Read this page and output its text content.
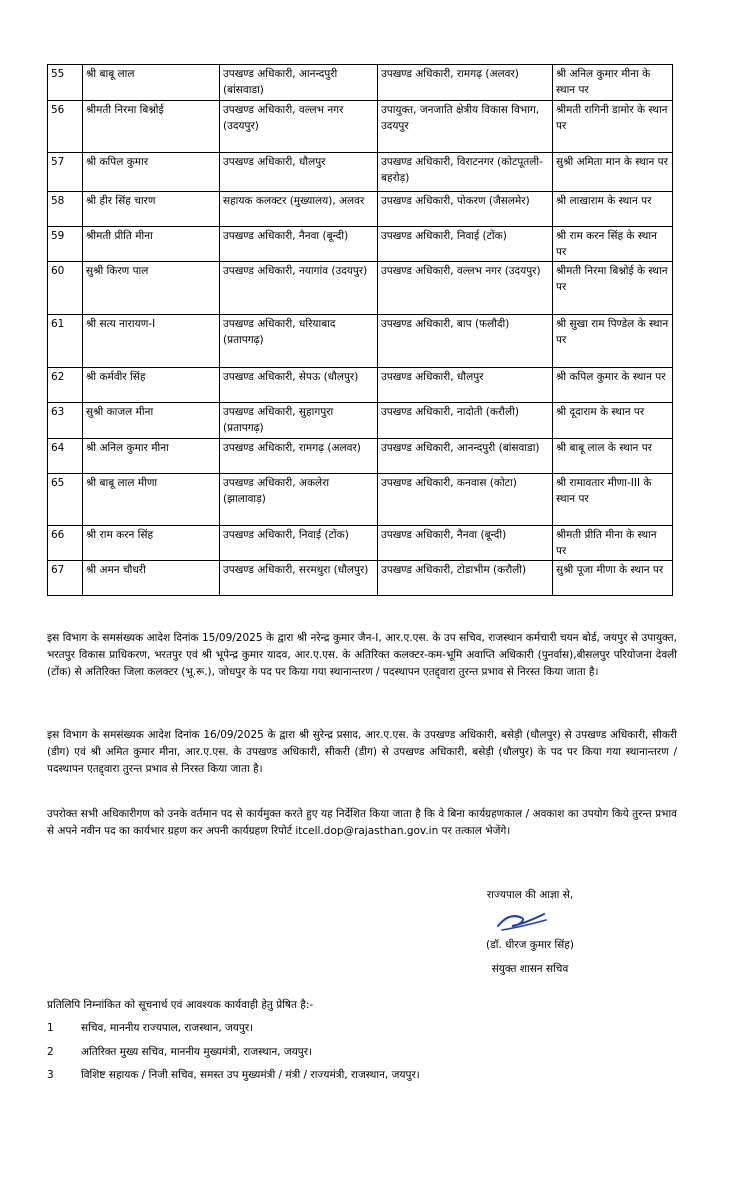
55	श्री बाबू लाल	उपखण्ड अधिकारी, आनन्दपुरी (बांसवाडा)	उपखण्ड अधिकारी, रामगढ़ (अलवर)	श्री अनिल कुमार मीना के स्थान पर
56	श्रीमती निरमा बिश्नोई	उपखण्ड अधिकारी, वल्लभ नगर (उदयपुर)	उपायुक्त, जनजाति क्षेत्रीय विकास विभाग, उदयपुर	श्रीमती रागिनी डामोर के स्थान पर
57	श्री कपिल कुमार	उपखण्ड अधिकारी, धौलपुर	उपखण्ड अधिकारी, विराटनगर (कोटपूतली-बहरोड़)	सुश्री अमिता मान के स्थान पर
58	श्री हीर सिंह चारण	सहायक कलक्टर (मुख्यालय), अलवर	उपखण्ड अधिकारी, पोकरण (जैसलमेर)	श्री लाखाराम के स्थान पर
59	श्रीमती प्रीति मीना	उपखण्ड अधिकारी, नैनवा (बून्दी)	उपखण्ड अधिकारी, निवाई (टोंक)	श्री राम करन सिंह के स्थान पर
60	सुश्री किरण पाल	उपखण्ड अधिकारी, नयागांव (उदयपुर)	उपखण्ड अधिकारी, वल्लभ नगर (उदयपुर)	श्रीमती निरमा बिश्नोई के स्थान पर
61	श्री सत्य नारायण-I	उपखण्ड अधिकारी, धरियाबाद (प्रतापगढ़)	उपखण्ड अधिकारी, बाप (फलौदी)	श्री सुखा राम पिण्डेल के स्थान पर
62	श्री कर्मवीर सिंह	उपखण्ड अधिकारी, सेपऊ (धौलपुर)	उपखण्ड अधिकारी, धौलपुर	श्री कपिल कुमार के स्थान पर
63	सुश्री काजल मीना	उपखण्ड अधिकारी, सुहागपुरा (प्रतापगढ़)	उपखण्ड अधिकारी, नादोती (करौली)	श्री दूदाराम के स्थान पर
64	श्री अनिल कुमार मीना	उपखण्ड अधिकारी, रामगढ़ (अलवर)	उपखण्ड अधिकारी, आनन्दपुरी (बांसवाडा)	श्री बाबू लाल के स्थान पर
65	श्री बाबू लाल मीणा	उपखण्ड अधिकारी, अकलेरा (झालावाड़)	उपखण्ड अधिकारी, कनवास (कोटा)	श्री रामावतार मीणा-III के स्थान पर
66	श्री राम करन सिंह	उपखण्ड अधिकारी, निवाई (टोंक)	उपखण्ड अधिकारी, नैनवा (बून्दी)	श्रीमती प्रीति मीना के स्थान पर
67	श्री अमन चौधरी	उपखण्ड अधिकारी, सरमथुरा (धौलपुर)	उपखण्ड अधिकारी, टोडाभीम (करौली)	सुश्री पूजा मीणा के स्थान पर

इस विभाग के समसंख्यक आदेश दिनांक 15/09/2025 के द्वारा श्री नरेन्द्र कुमार जैन-I, आर.ए.एस. के उप सचिव, राजस्थान कर्मचारी चयन बोर्ड, जयपुर से उपायुक्त, भरतपुर विकास प्राधिकरण, भरतपुर एवं श्री भूपेन्द्र कुमार यादव, आर.ए.एस. के अतिरिक्त कलक्टर-कम-भूमि अवाप्ति अधिकारी (पुनर्वास),बीसलपुर परियोजना देवली (टोंक) से अतिरिक्त जिला कलक्टर (भू.रू.), जोधपुर के पद पर किया गया स्थानान्तरण / पदस्थापन एतद्द्वारा तुरन्त प्रभाव से निरस्त किया जाता है।

इस विभाग के समसंख्यक आदेश दिनांक 16/09/2025 के द्वारा श्री सुरेन्द्र प्रसाद, आर.ए.एस. के उपखण्ड अधिकारी, बसेड़ी (धौलपुर) से उपखण्ड अधिकारी, सीकरी (डीग) एवं श्री अमित कुमार मीना, आर.ए.एस. के उपखण्ड अधिकारी, सीकरी (डीग) से उपखण्ड अधिकारी, बसेड़ी (धौलपुर) के पद पर किया गया स्थानान्तरण / पदस्थापन एतद्द्वारा तुरन्त प्रभाव से निरस्त किया जाता है।

उपरोक्त सभी अधिकारीगण को उनके वर्तमान पद से कार्यमुक्त करते हुए यह निर्देशित किया जाता है कि वे बिना कार्यग्रहणकाल / अवकाश का उपयोग किये तुरन्त प्रभाव से अपने नवीन पद का कार्यभार ग्रहण कर अपनी कार्यग्रहण रिपोर्ट itcell.dop@rajasthan.gov.in पर तत्काल भेजेंगे।

राज्यपाल की आज्ञा से,
(डॉ. धीरज कुमार सिंह)
संयुक्त शासन सचिव
प्रतिलिपि निम्नांकित को सूचनार्थ एवं आवश्यक कार्यवाही हेतु प्रेषित है:-
1	सचिव, माननीय राज्यपाल, राजस्थान, जयपुर।
2	अतिरिक्त मुख्य सचिव, माननीय मुख्यमंत्री, राजस्थान, जयपुर।
3	विशिष्ट सहायक / निजी सचिव, समस्त उप मुख्यमंत्री / मंत्री / राज्यमंत्री, राजस्थान, जयपुर।
